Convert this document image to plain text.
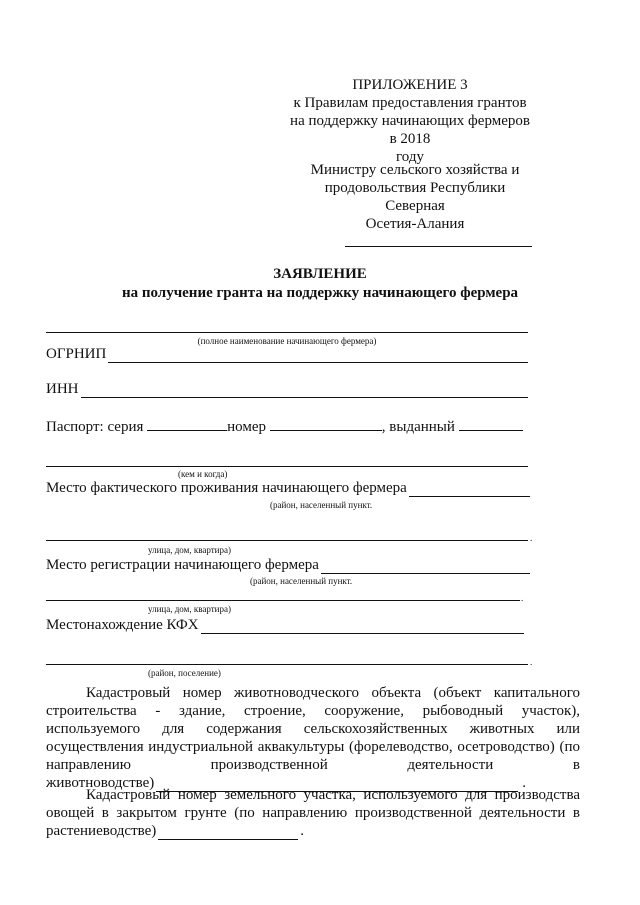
ПРИЛОЖЕНИЕ 3
к Правилам предоставления грантов
на поддержку начинающих фермеров в 2018
году
Министру сельского хозяйства и
продовольствия Республики Северная
Осетия-Алания
ЗАЯВЛЕНИЕ
на получение гранта на поддержку начинающего фермера
(полное наименование начинающего фермера)
ОГРНИП
ИНН
Паспорт: серия	номер	, выданный
(кем и когда)
Место фактического проживания начинающего фермера
(район, населенный пункт.
.
улица, дом, квартира)
Место регистрации начинающего фермера
(район, населенный пункт.
.
улица, дом, квартира)
Местонахождение КФХ
.
(район, поселение)
Кадастровый номер животноводческого объекта (объект капитального
строительства - здание, строение, сооружение, рыбоводный участок),
используемого для содержания сельскохозяйственных животных или
осуществления индустриальной аквакультуры (форелеводство, осетроводство) (по
направлению производственной деятельности в
животноводстве)	.
Кадастровый номер земельного участка, используемого для производства
овощей в закрытом грунте (по направлению производственной деятельности в
растениеводстве)	.
